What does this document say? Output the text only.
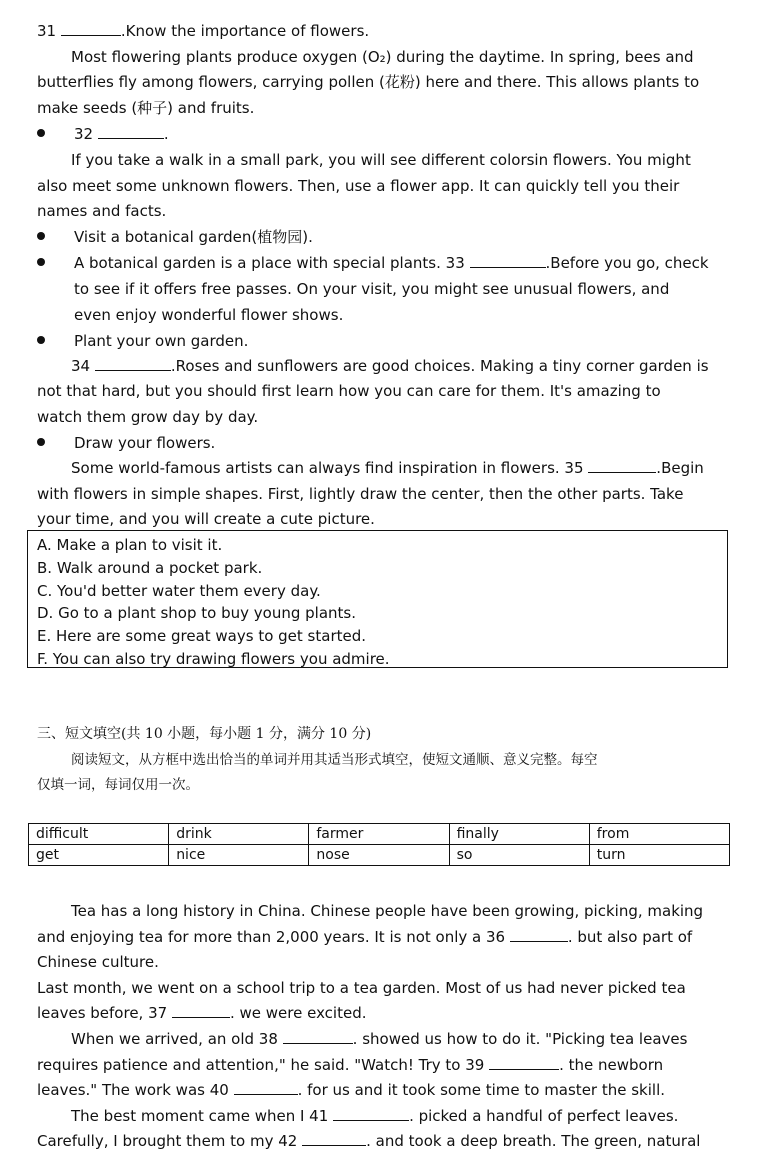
31	.Know the importance of flowers.
Most flowering plants produce oxygen (O₂) during the daytime. In spring, bees and
butterflies fly among flowers, carrying pollen (花粉) here and there. This allows plants to
make seeds (种子) and fruits.
32	.
If you take a walk in a small park, you will see different colorsin flowers. You might
also meet some unknown flowers. Then, use a flower app. It can quickly tell you their
names and facts.
Visit a botanical garden(植物园).
A botanical garden is a place with special plants. 33	.Before you go, check
to see if it offers free passes. On your visit, you might see unusual flowers, and
even enjoy wonderful flower shows.
Plant your own garden.
34	.Roses and sunflowers are good choices. Making a tiny corner garden is
not that hard, but you should first learn how you can care for them. It's amazing to
watch them grow day by day.
Draw your flowers.
Some world-famous artists can always find inspiration in flowers. 35	.Begin
with flowers in simple shapes. First, lightly draw the center, then the other parts. Take
your time, and you will create a cute picture.
A. Make a plan to visit it.
B. Walk around a pocket park.
C. You'd better water them every day.
D. Go to a plant shop to buy young plants.
E. Here are some great ways to get started.
F. You can also try drawing flowers you admire.
三、短文填空(共 10 小题，每小题 1 分，满分 10 分)
阅读短文，从方框中选出恰当的单词并用其适当形式填空，使短文通顺、意义完整。每空
仅填一词，每词仅用一次。
difficult	drink	farmer	finally	from
get	nice	nose	so	turn
Tea has a long history in China. Chinese people have been growing, picking, making
and enjoying tea for more than 2,000 years. It is not only a 36	. but also part of
Chinese culture.
Last month, we went on a school trip to a tea garden. Most of us had never picked tea
leaves before, 37	. we were excited.
When we arrived, an old 38	. showed us how to do it. "Picking tea leaves
requires patience and attention," he said. "Watch! Try to 39	. the newborn
leaves." The work was 40	. for us and it took some time to master the skill.
The best moment came when I 41	. picked a handful of perfect leaves.
Carefully, I brought them to my 42	. and took a deep breath. The green, natural
